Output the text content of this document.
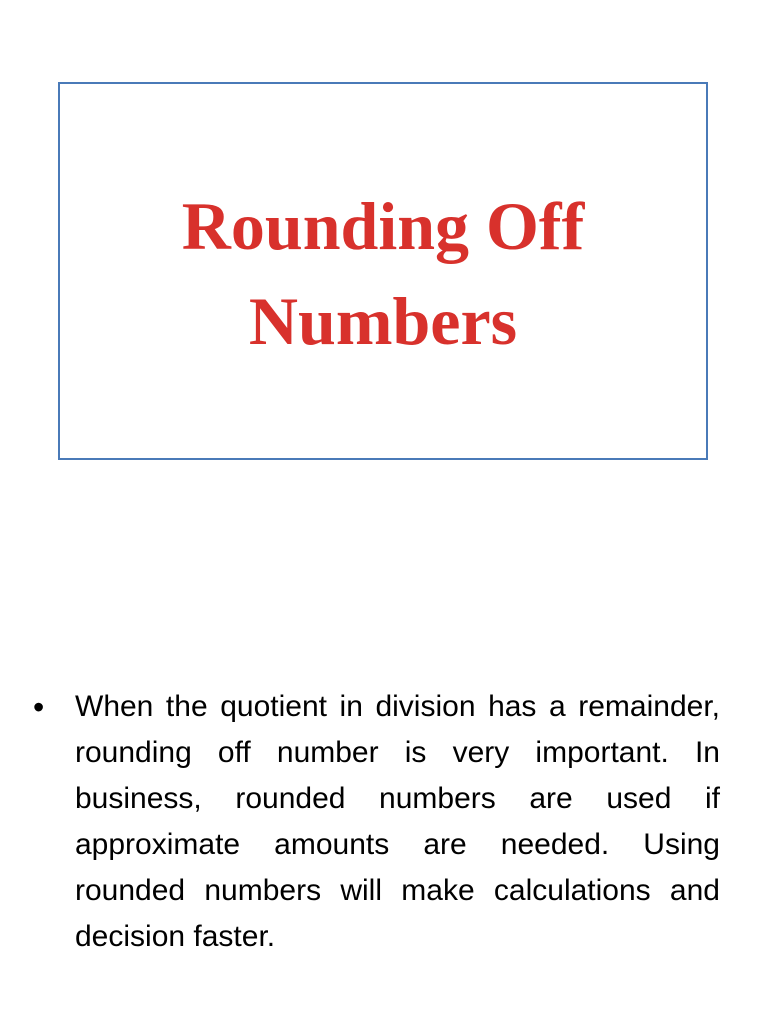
Rounding Off
Numbers
• When the quotient in division has a remainder, rounding off number is very important. In business, rounded numbers are used if approximate amounts are needed. Using rounded numbers will make calculations and decision faster.
